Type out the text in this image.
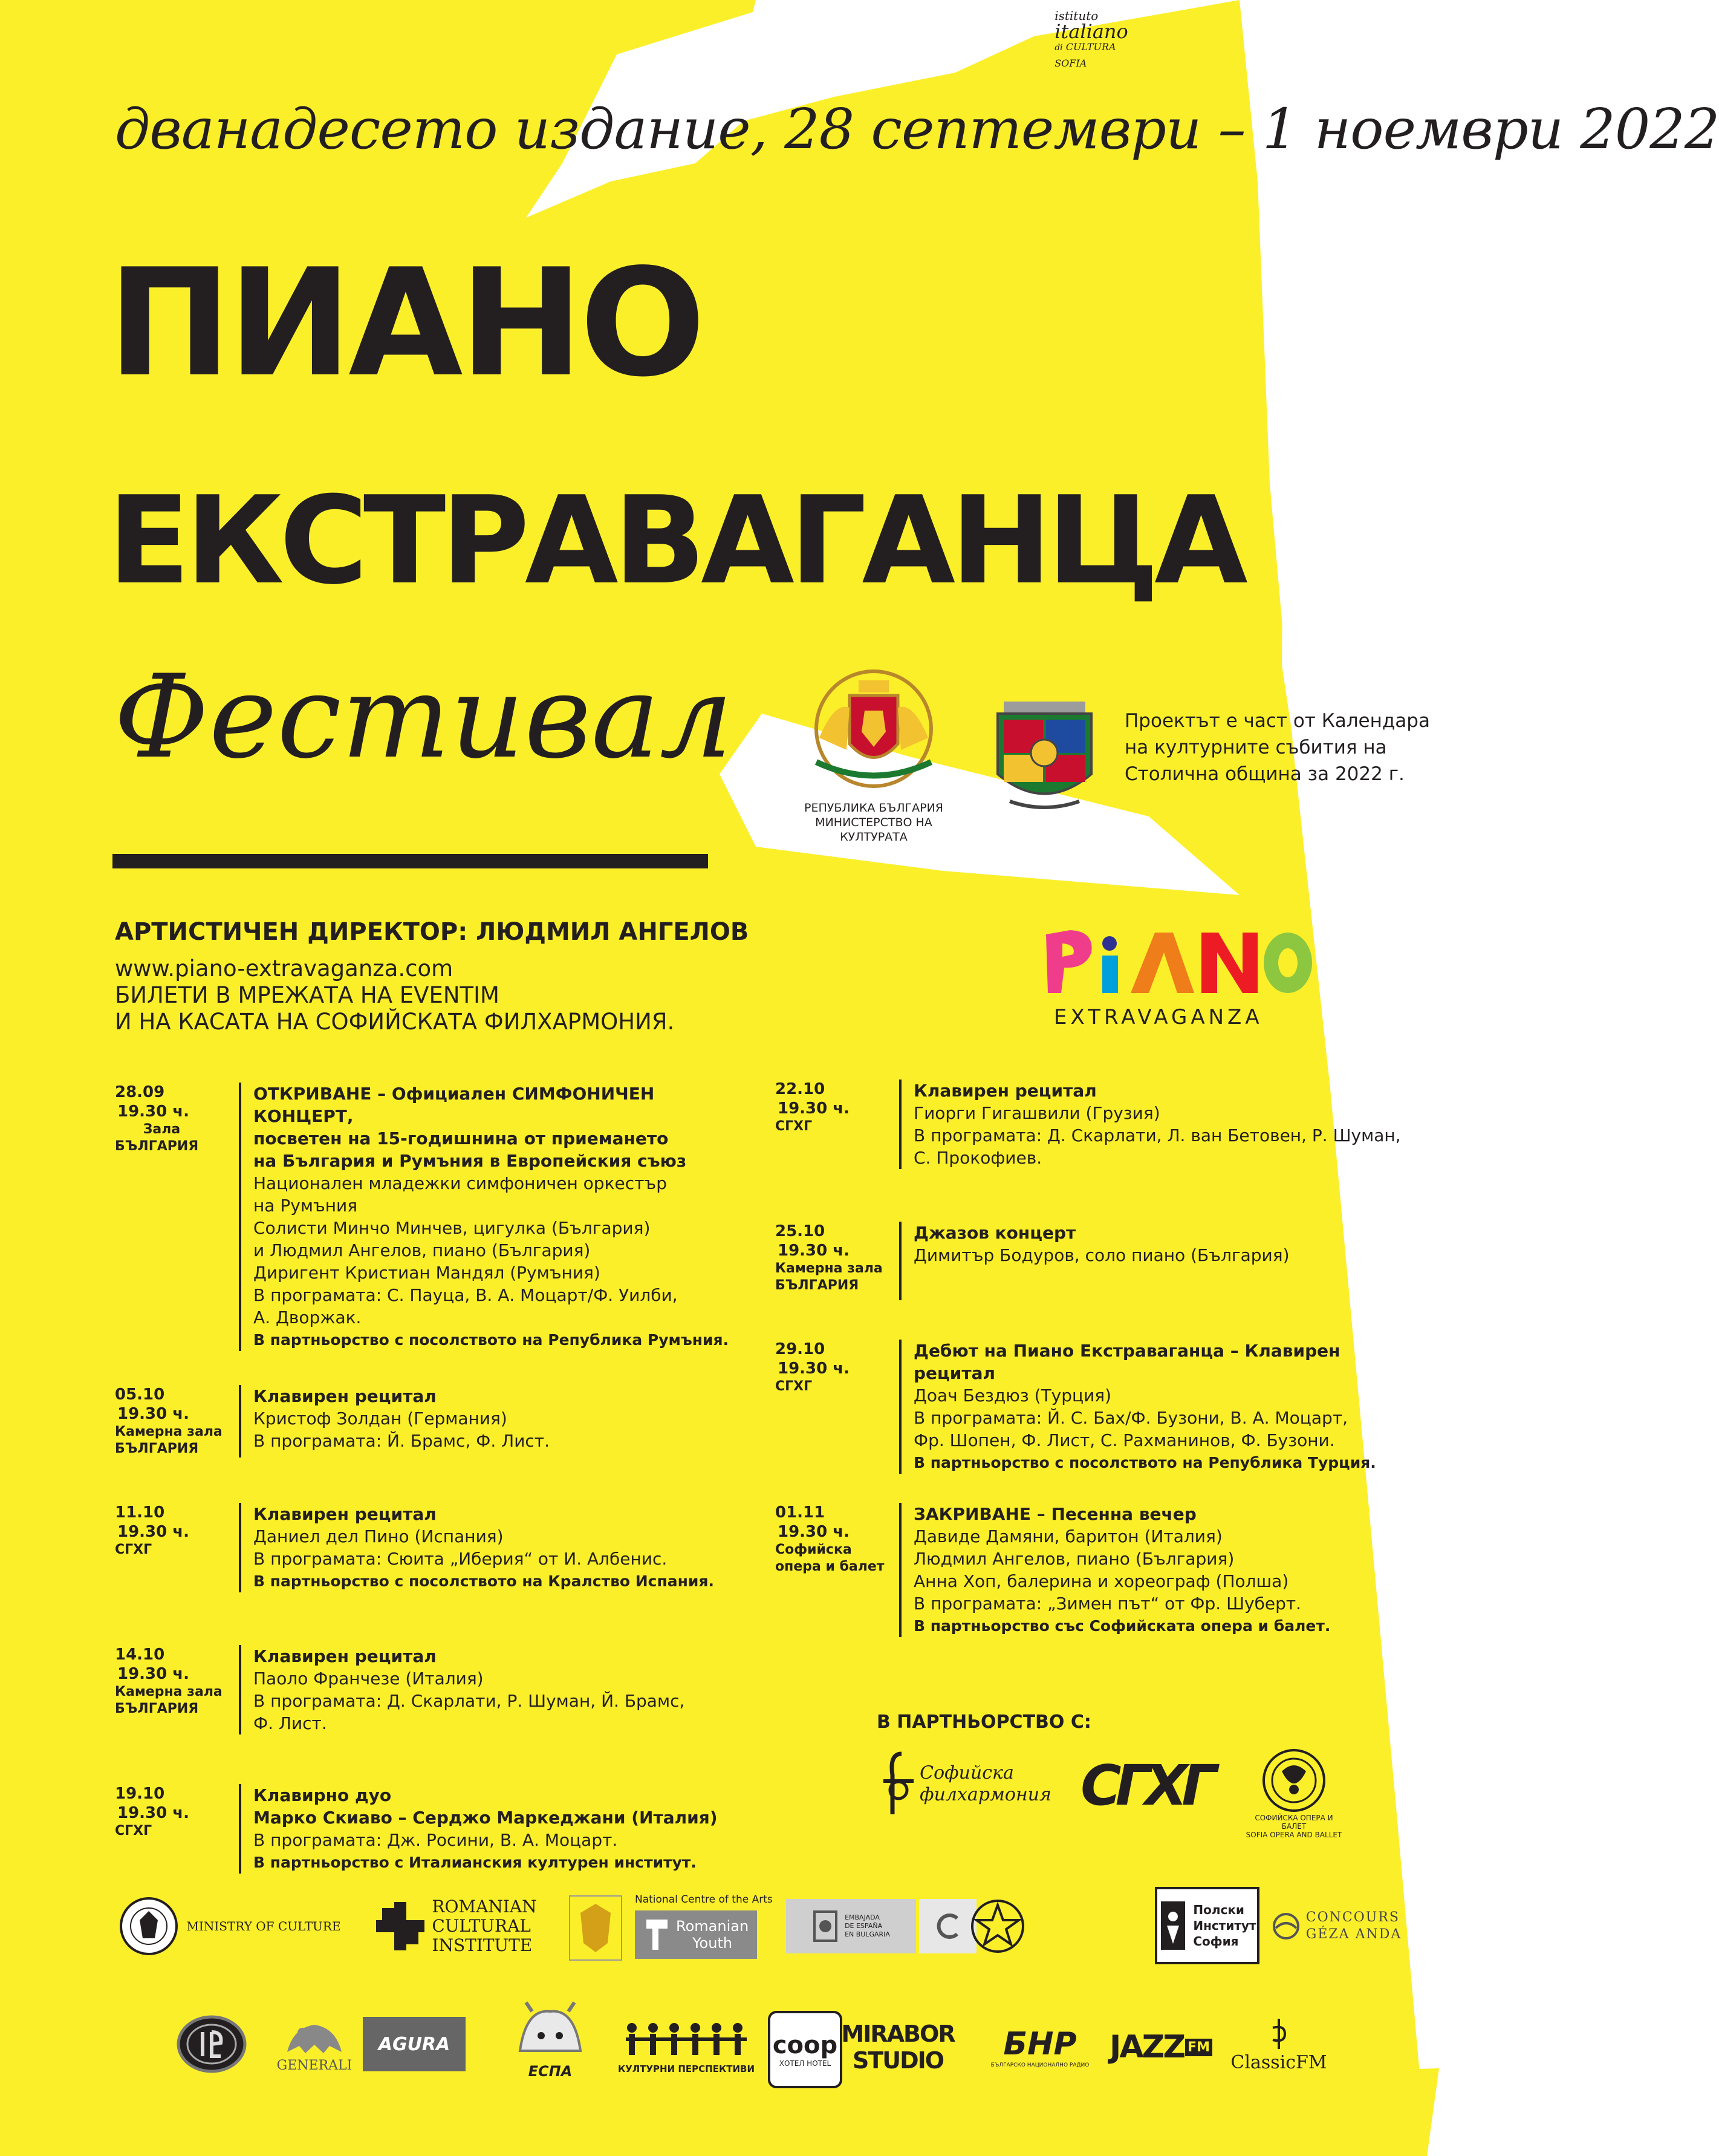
дванадесето издание, 28 септември – 1 ноември 2022
ПИАНО
ЕКСТРАВАГАНЦА
Фестивал
РЕПУБЛИКА БЪЛГАРИЯ
МИНИСТЕРСТВО НА КУЛТУРАТА
Проектът е част от Календара
на културните събития на
Столична община за 2022 г.
АРТИСТИЧЕН ДИРЕКТОР: ЛЮДМИЛ АНГЕЛОВ
www.piano-extravaganza.com
БИЛЕТИ В МРЕЖАТА НА EVENTIM
И НА КАСАТА НА СОФИЙСКАТА ФИЛХАРМОНИЯ.	EXTRAVAGANZA
28.09
19.30 ч.
Зала
БЪЛГАРИЯ
ОТКРИВАНЕ – Официален СИМФОНИЧЕН КОНЦЕРТ,
посветен на 15-годишнина от приемането
на България и Румъния в Европейския съюз
Национален младежки симфоничен оркестър
на Румъния
Солисти Минчо Минчев, цигулка (България)
и Людмил Ангелов, пиано (България)
Диригент Кристиан Мандял (Румъния)
В програмата: С. Пауца, В. А. Моцарт/Ф. Уилби,
А. Дворжак.
В партньорство с посолството на Република Румъния.
05.10
19.30 ч.
Камерна зала
БЪЛГАРИЯ
Клавирен рецитал
Кристоф Золдан (Германия)
В програмата: Й. Брамс, Ф. Лист.
11.10
19.30 ч.
СГХГ
Клавирен рецитал
Даниел дел Пино (Испания)
В програмата: Сюита „Иберия“ от И. Албенис.
В партньорство с посолството на Кралство Испания.
14.10
19.30 ч.
Камерна зала
БЪЛГАРИЯ
Клавирен рецитал
Паоло Франчезе (Италия)
В програмата: Д. Скарлати, Р. Шуман, Й. Брамс,
Ф. Лист.
19.10
19.30 ч.
СГХГ
Клавирно дуо
Марко Скиаво – Серджо Маркеджани (Италия)
В програмата: Дж. Росини, В. А. Моцарт.
В партньорство с Италианския културен институт.
22.10
19.30 ч.
СГХГ
Клавирен рецитал
Гиорги Гигашвили (Грузия)
В програмата: Д. Скарлати, Л. ван Бетовен, Р. Шуман,
С. Прокофиев.
25.10
19.30 ч.
Камерна зала
БЪЛГАРИЯ
Джазов концерт
Димитър Бодуров, соло пиано (България)
29.10
19.30 ч.
СГХГ
Дебют на Пиано Екстраваганца – Клавирен рецитал
Доач Бездюз (Турция)
В програмата: Й. С. Бах/Ф. Бузони, В. А. Моцарт,
Фр. Шопен, Ф. Лист, С. Рахманинов, Ф. Бузони.
В партньорство с посолството на Република Турция.
01.11
19.30 ч.
Софийска
опера и балет
ЗАКРИВАНЕ – Песенна вечер
Давиде Дамяни, баритон (Италия)
Людмил Ангелов, пиано (България)
Анна Хоп, балерина и хореограф (Полша)
В програмата: „Зимен път“ от Фр. Шуберт.
В партньорство със Софийската опера и балет.
В ПАРТНЬОРСТВО С:
Софийска
филхармония СГХГ	СОФИЙСКА ОПЕРА И БАЛЕТ
SOFIA OPERA AND BALLET
MINISTRY OF CULTURE
ROMANIAN
CULTURAL
INSTITUTE
National Centre of the Arts
Romanian
Youth
EMBAJADA
DE ESPAÑA
EN BULGARIA
istituto
italiano
di CULTURA
SOFIA
Полски
Институт
София
CONCOURS
GÉZA ANDA
GENERALI
AGURA
ЕСПА	КУЛТУРНИ ПЕРСПЕКТИВИ
coop
ХОТЕЛ HOTEL
MIRABOR
STUDIO БНР
БЪЛГАРСКО НАЦИОНАЛНО РАДИО JAZZ FM
ClassicFM
